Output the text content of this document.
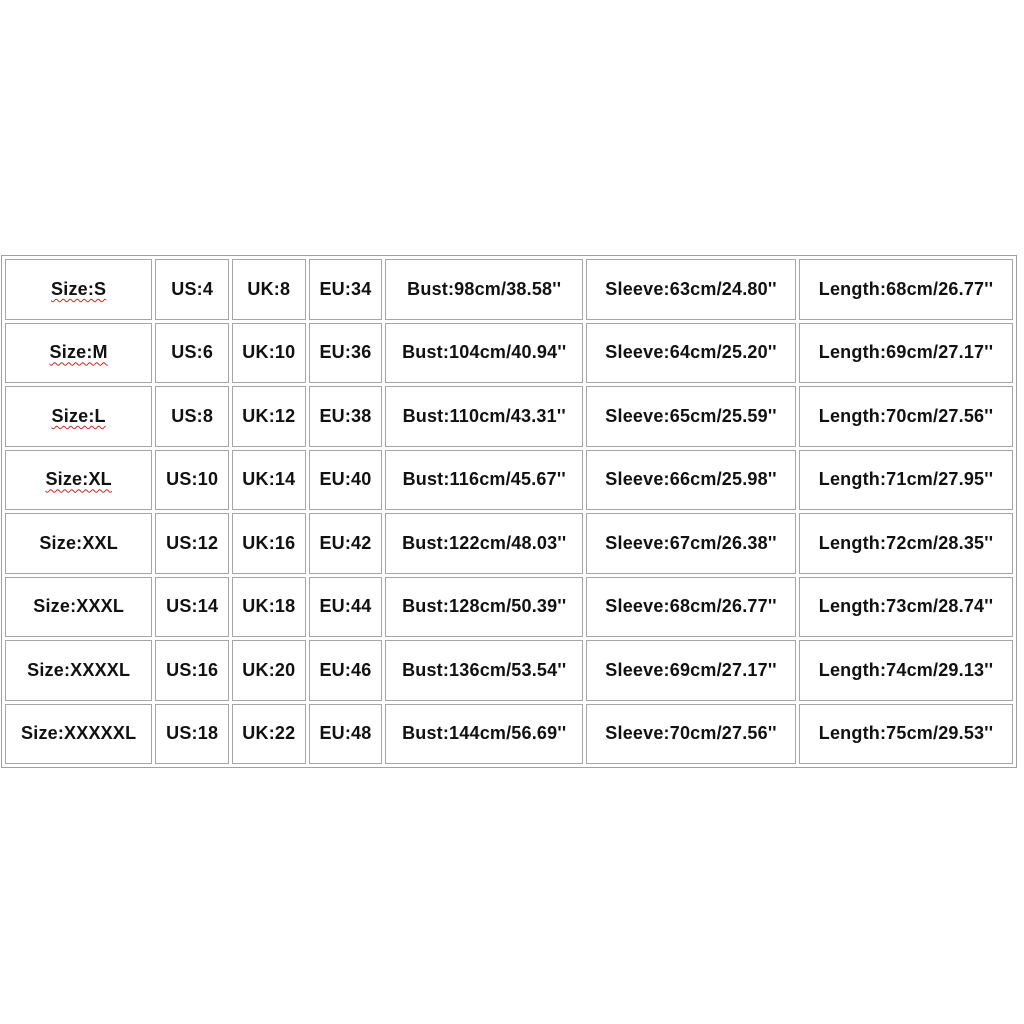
Size:S	US:4	UK:8	EU:34	Bust:98cm/38.58''	Sleeve:63cm/24.80''	Length:68cm/26.77''
Size:M	US:6	UK:10	EU:36	Bust:104cm/40.94''	Sleeve:64cm/25.20''	Length:69cm/27.17''
Size:L	US:8	UK:12	EU:38	Bust:110cm/43.31''	Sleeve:65cm/25.59''	Length:70cm/27.56''
Size:XL	US:10	UK:14	EU:40	Bust:116cm/45.67''	Sleeve:66cm/25.98''	Length:71cm/27.95''
Size:XXL	US:12	UK:16	EU:42	Bust:122cm/48.03''	Sleeve:67cm/26.38''	Length:72cm/28.35''
Size:XXXL	US:14	UK:18	EU:44	Bust:128cm/50.39''	Sleeve:68cm/26.77''	Length:73cm/28.74''
Size:XXXXL	US:16	UK:20	EU:46	Bust:136cm/53.54''	Sleeve:69cm/27.17''	Length:74cm/29.13''
Size:XXXXXL	US:18	UK:22	EU:48	Bust:144cm/56.69''	Sleeve:70cm/27.56''	Length:75cm/29.53''
